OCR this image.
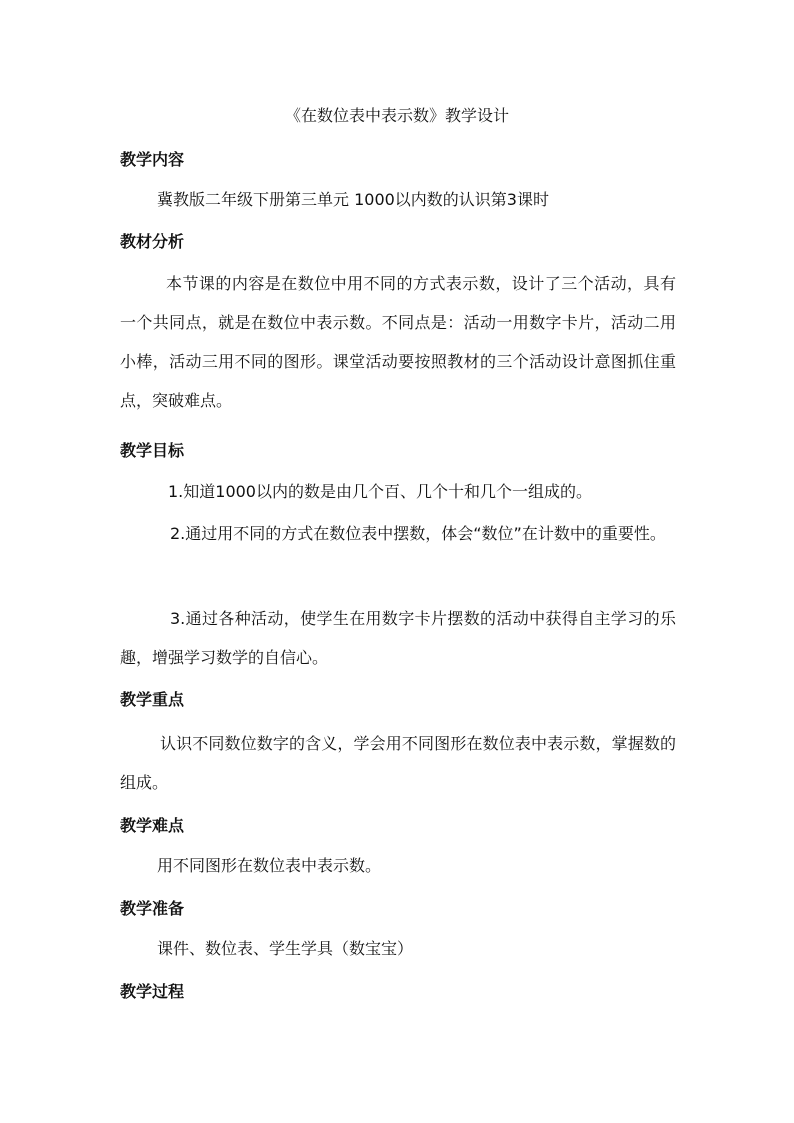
《在数位表中表示数》教学设计
教学内容
冀教版二年级下册第三单元 1000以内数的认识第3课时
教材分析
本节课的内容是在数位中用不同的方式表示数，设计了三个活动，具有一个共同点，就是在数位中表示数。不同点是：活动一用数字卡片，活动二用小棒，活动三用不同的图形。课堂活动要按照教材的三个活动设计意图抓住重点，突破难点。
教学目标
1.知道1000以内的数是由几个百、几个十和几个一组成的。
2.通过用不同的方式在数位表中摆数，体会“数位”在计数中的重要性。
3.通过各种活动，使学生在用数字卡片摆数的活动中获得自主学习的乐趣，增强学习数学的自信心。
教学重点
认识不同数位数字的含义，学会用不同图形在数位表中表示数，掌握数的组成。
教学难点
用不同图形在数位表中表示数。
教学准备
课件、数位表、学生学具（数宝宝）
教学过程
